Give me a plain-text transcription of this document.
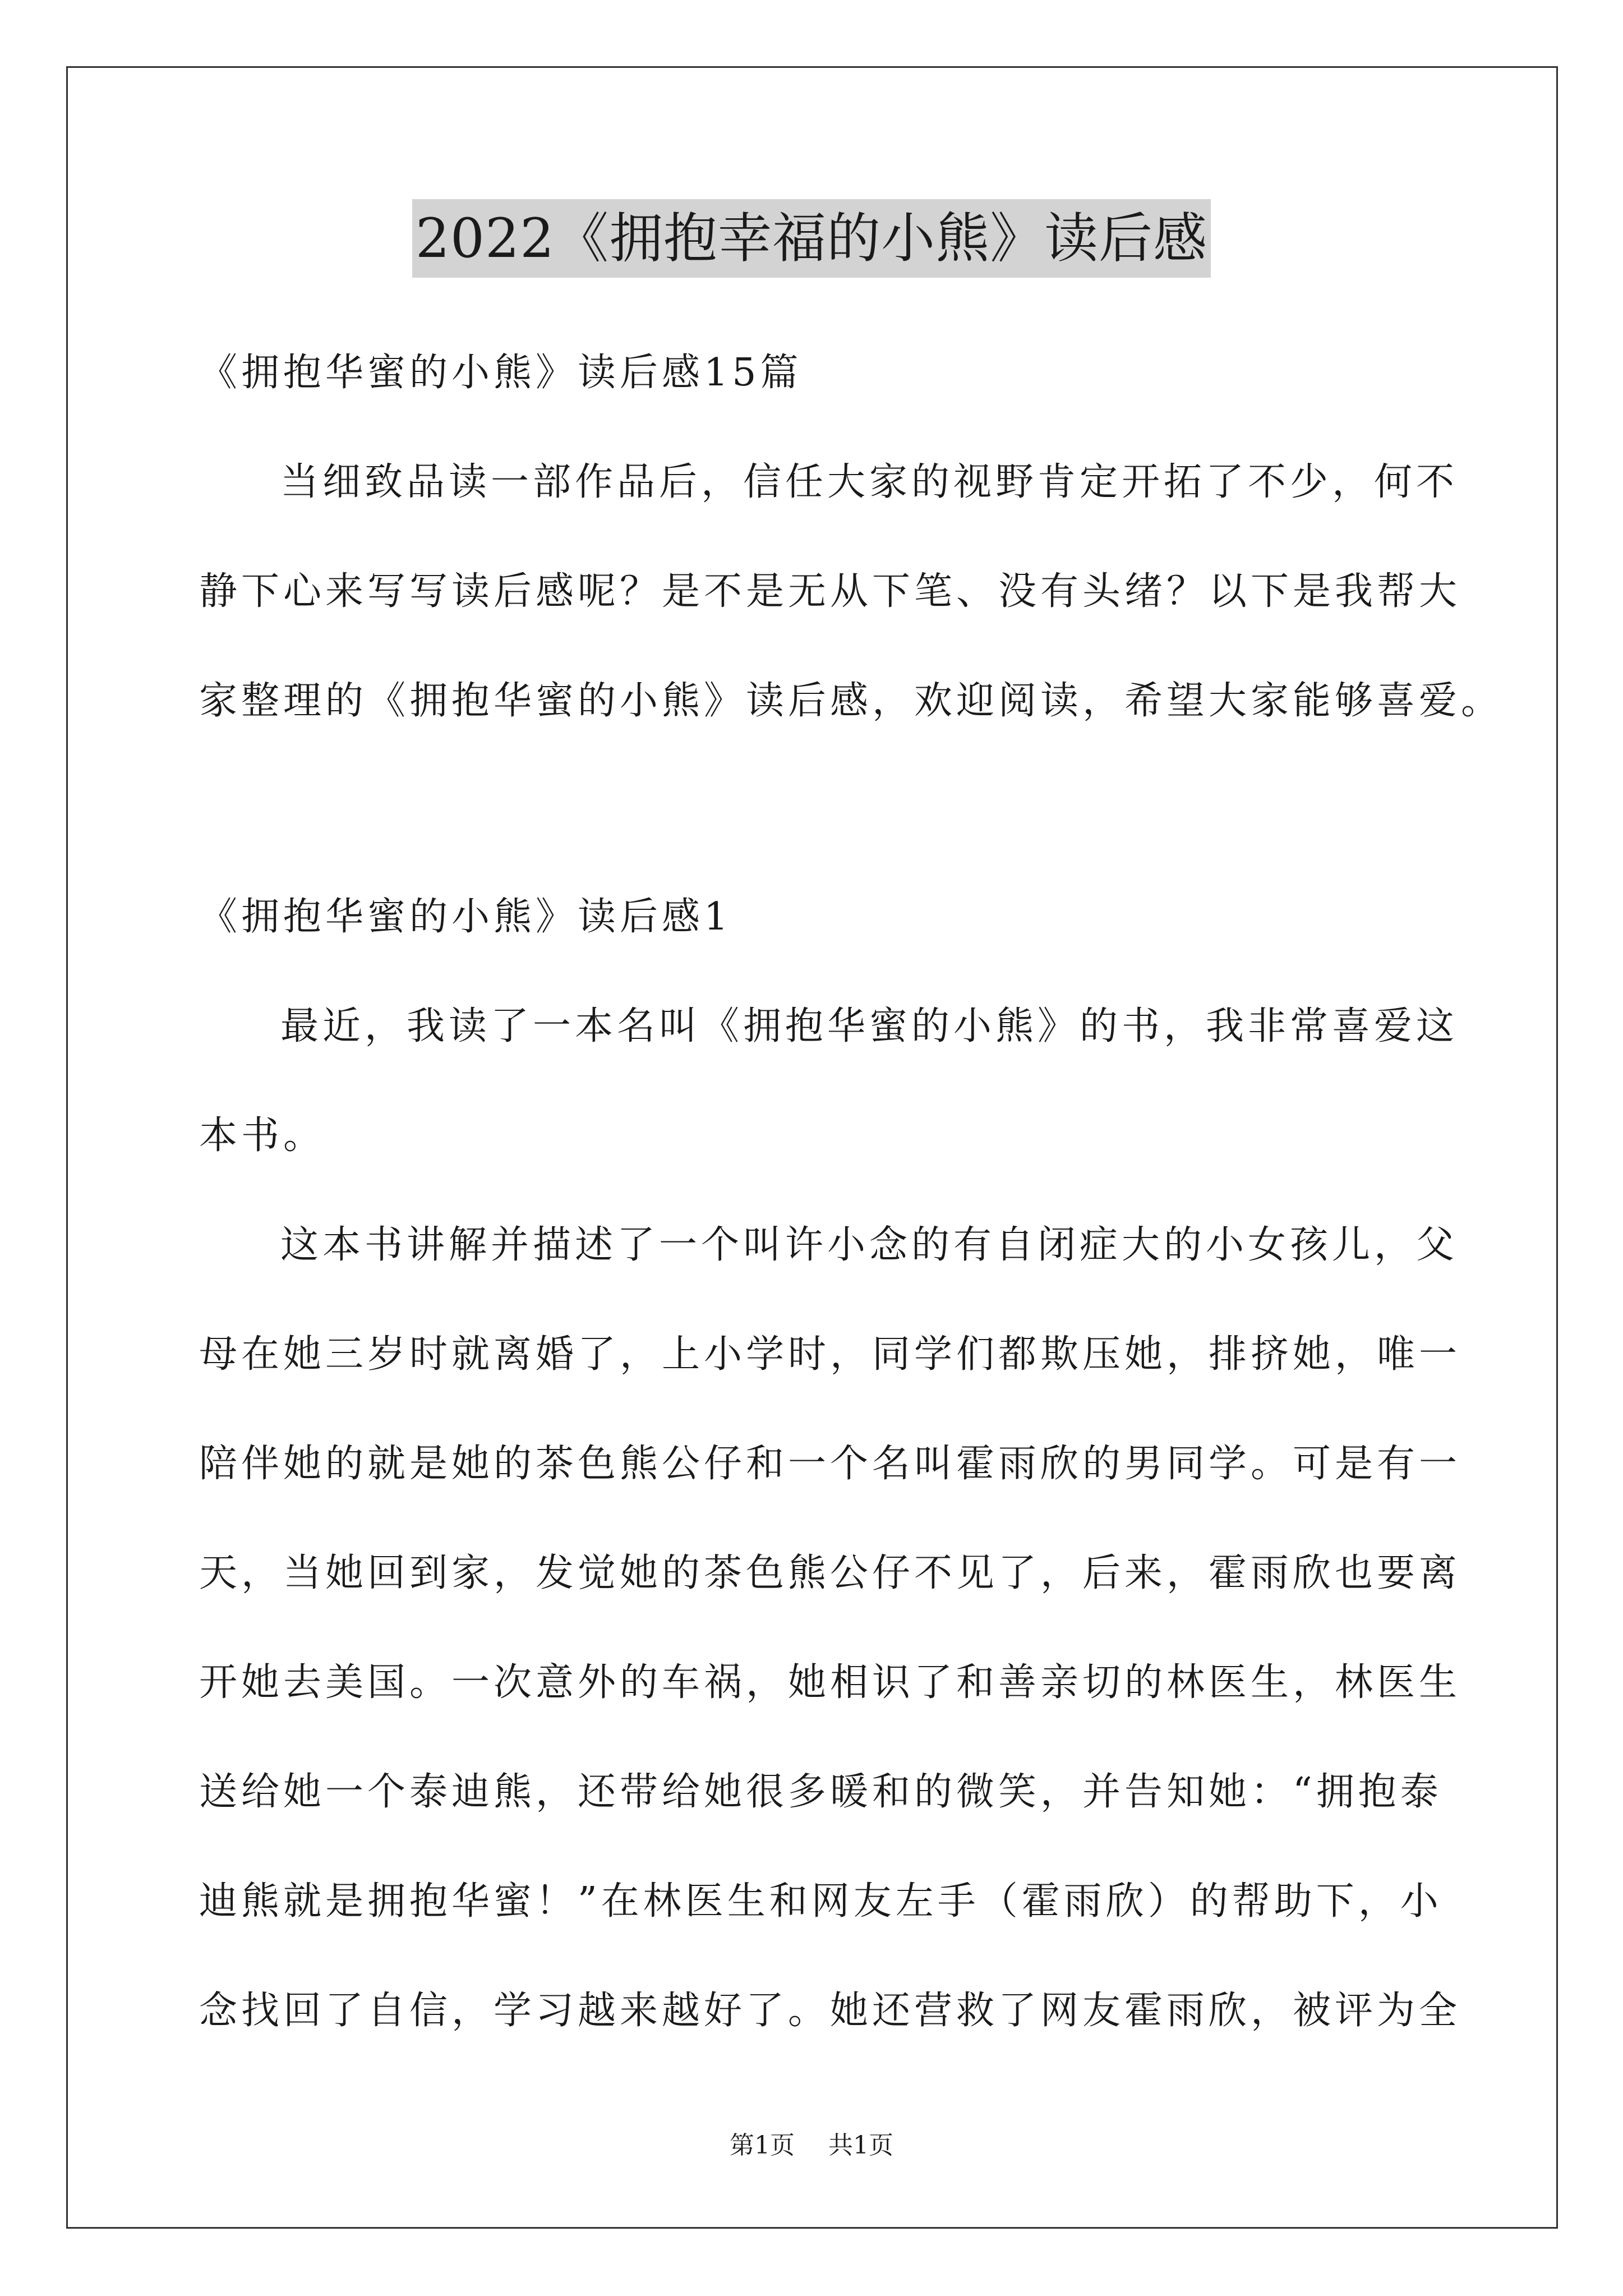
2022《拥抱幸福的小熊》读后感
《拥抱华蜜的小熊》读后感15篇
当细致品读一部作品后，信任大家的视野肯定开拓了不少，何不
静下心来写写读后感呢？是不是无从下笔、没有头绪？以下是我帮大
家整理的《拥抱华蜜的小熊》读后感，欢迎阅读，希望大家能够喜爱。
《拥抱华蜜的小熊》读后感1
最近，我读了一本名叫《拥抱华蜜的小熊》的书，我非常喜爱这
本书。
这本书讲解并描述了一个叫许小念的有自闭症大的小女孩儿，父
母在她三岁时就离婚了，上小学时，同学们都欺压她，排挤她，唯一
陪伴她的就是她的茶色熊公仔和一个名叫霍雨欣的男同学。可是有一
天，当她回到家，发觉她的茶色熊公仔不见了，后来，霍雨欣也要离
开她去美国。一次意外的车祸，她相识了和善亲切的林医生，林医生
送给她一个泰迪熊，还带给她很多暖和的微笑，并告知她：“拥抱泰
迪熊就是拥抱华蜜！”在林医生和网友左手（霍雨欣）的帮助下，小
念找回了自信，学习越来越好了。她还营救了网友霍雨欣，被评为全
第1页 共1页
